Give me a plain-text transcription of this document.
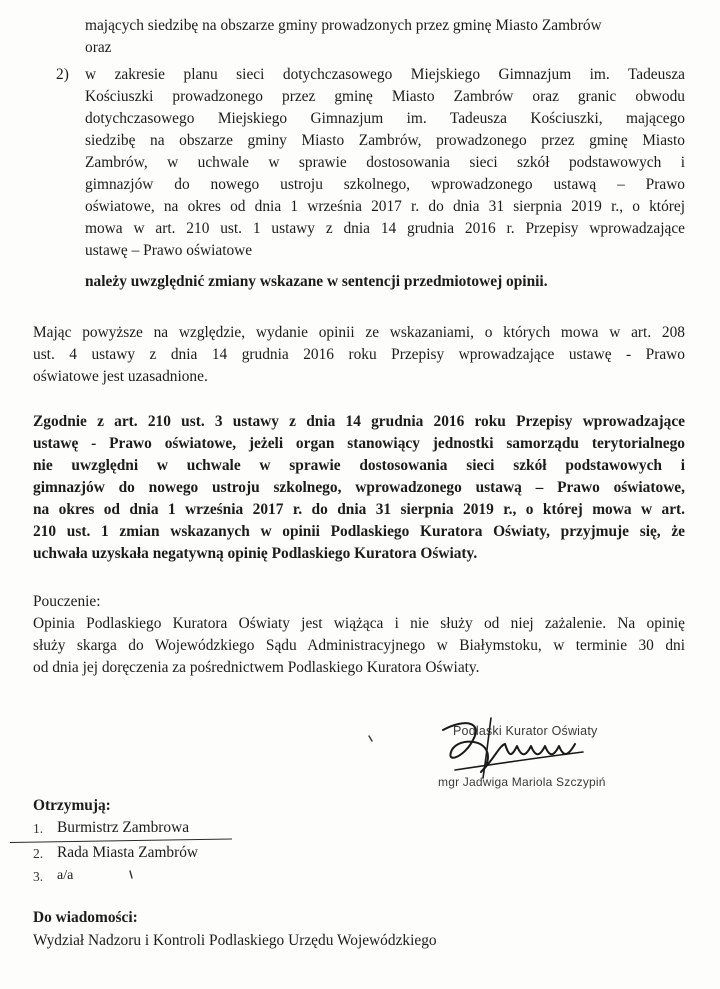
mających siedzibę na obszarze gminy prowadzonych przez gminę Miasto Zambrów
oraz
2) w zakresie planu sieci dotychczasowego Miejskiego Gimnazjum im. Tadeusza
Kościuszki prowadzonego przez gminę Miasto Zambrów oraz granic obwodu
dotychczasowego Miejskiego Gimnazjum im. Tadeusza Kościuszki, mającego
siedzibę na obszarze gminy Miasto Zambrów, prowadzonego przez gminę Miasto
Zambrów, w uchwale w sprawie dostosowania sieci szkół podstawowych i
gimnazjów do nowego ustroju szkolnego, wprowadzonego ustawą – Prawo
oświatowe, na okres od dnia 1 września 2017 r. do dnia 31 sierpnia 2019 r., o której
mowa w art. 210 ust. 1 ustawy z dnia 14 grudnia 2016 r. Przepisy wprowadzające
ustawę – Prawo oświatowe
należy uwzględnić zmiany wskazane w sentencji przedmiotowej opinii.
Mając powyższe na względzie, wydanie opinii ze wskazaniami, o których mowa w art. 208
ust. 4 ustawy z dnia 14 grudnia 2016 roku Przepisy wprowadzające ustawę - Prawo
oświatowe jest uzasadnione.
Zgodnie z art. 210 ust. 3 ustawy z dnia 14 grudnia 2016 roku Przepisy wprowadzające
ustawę - Prawo oświatowe, jeżeli organ stanowiący jednostki samorządu terytorialnego
nie uwzględni w uchwale w sprawie dostosowania sieci szkół podstawowych i
gimnazjów do nowego ustroju szkolnego, wprowadzonego ustawą – Prawo oświatowe,
na okres od dnia 1 września 2017 r. do dnia 31 sierpnia 2019 r., o której mowa w art.
210 ust. 1 zmian wskazanych w opinii Podlaskiego Kuratora Oświaty, przyjmuje się, że
uchwała uzyskała negatywną opinię Podlaskiego Kuratora Oświaty.
Pouczenie:
Opinia Podlaskiego Kuratora Oświaty jest wiążąca i nie służy od niej zażalenie. Na opinię
służy skarga do Wojewódzkiego Sądu Administracyjnego w Białymstoku, w terminie 30 dni
od dnia jej doręczenia za pośrednictwem Podlaskiego Kuratora Oświaty.
Podlaski Kurator Oświaty
mgr Jadwiga Mariola Szczypiń
Otrzymują:
1. Burmistrz Zambrowa
2. Rada Miasta Zambrów
3. a/a
Do wiadomości:
Wydział Nadzoru i Kontroli Podlaskiego Urzędu Wojewódzkiego
